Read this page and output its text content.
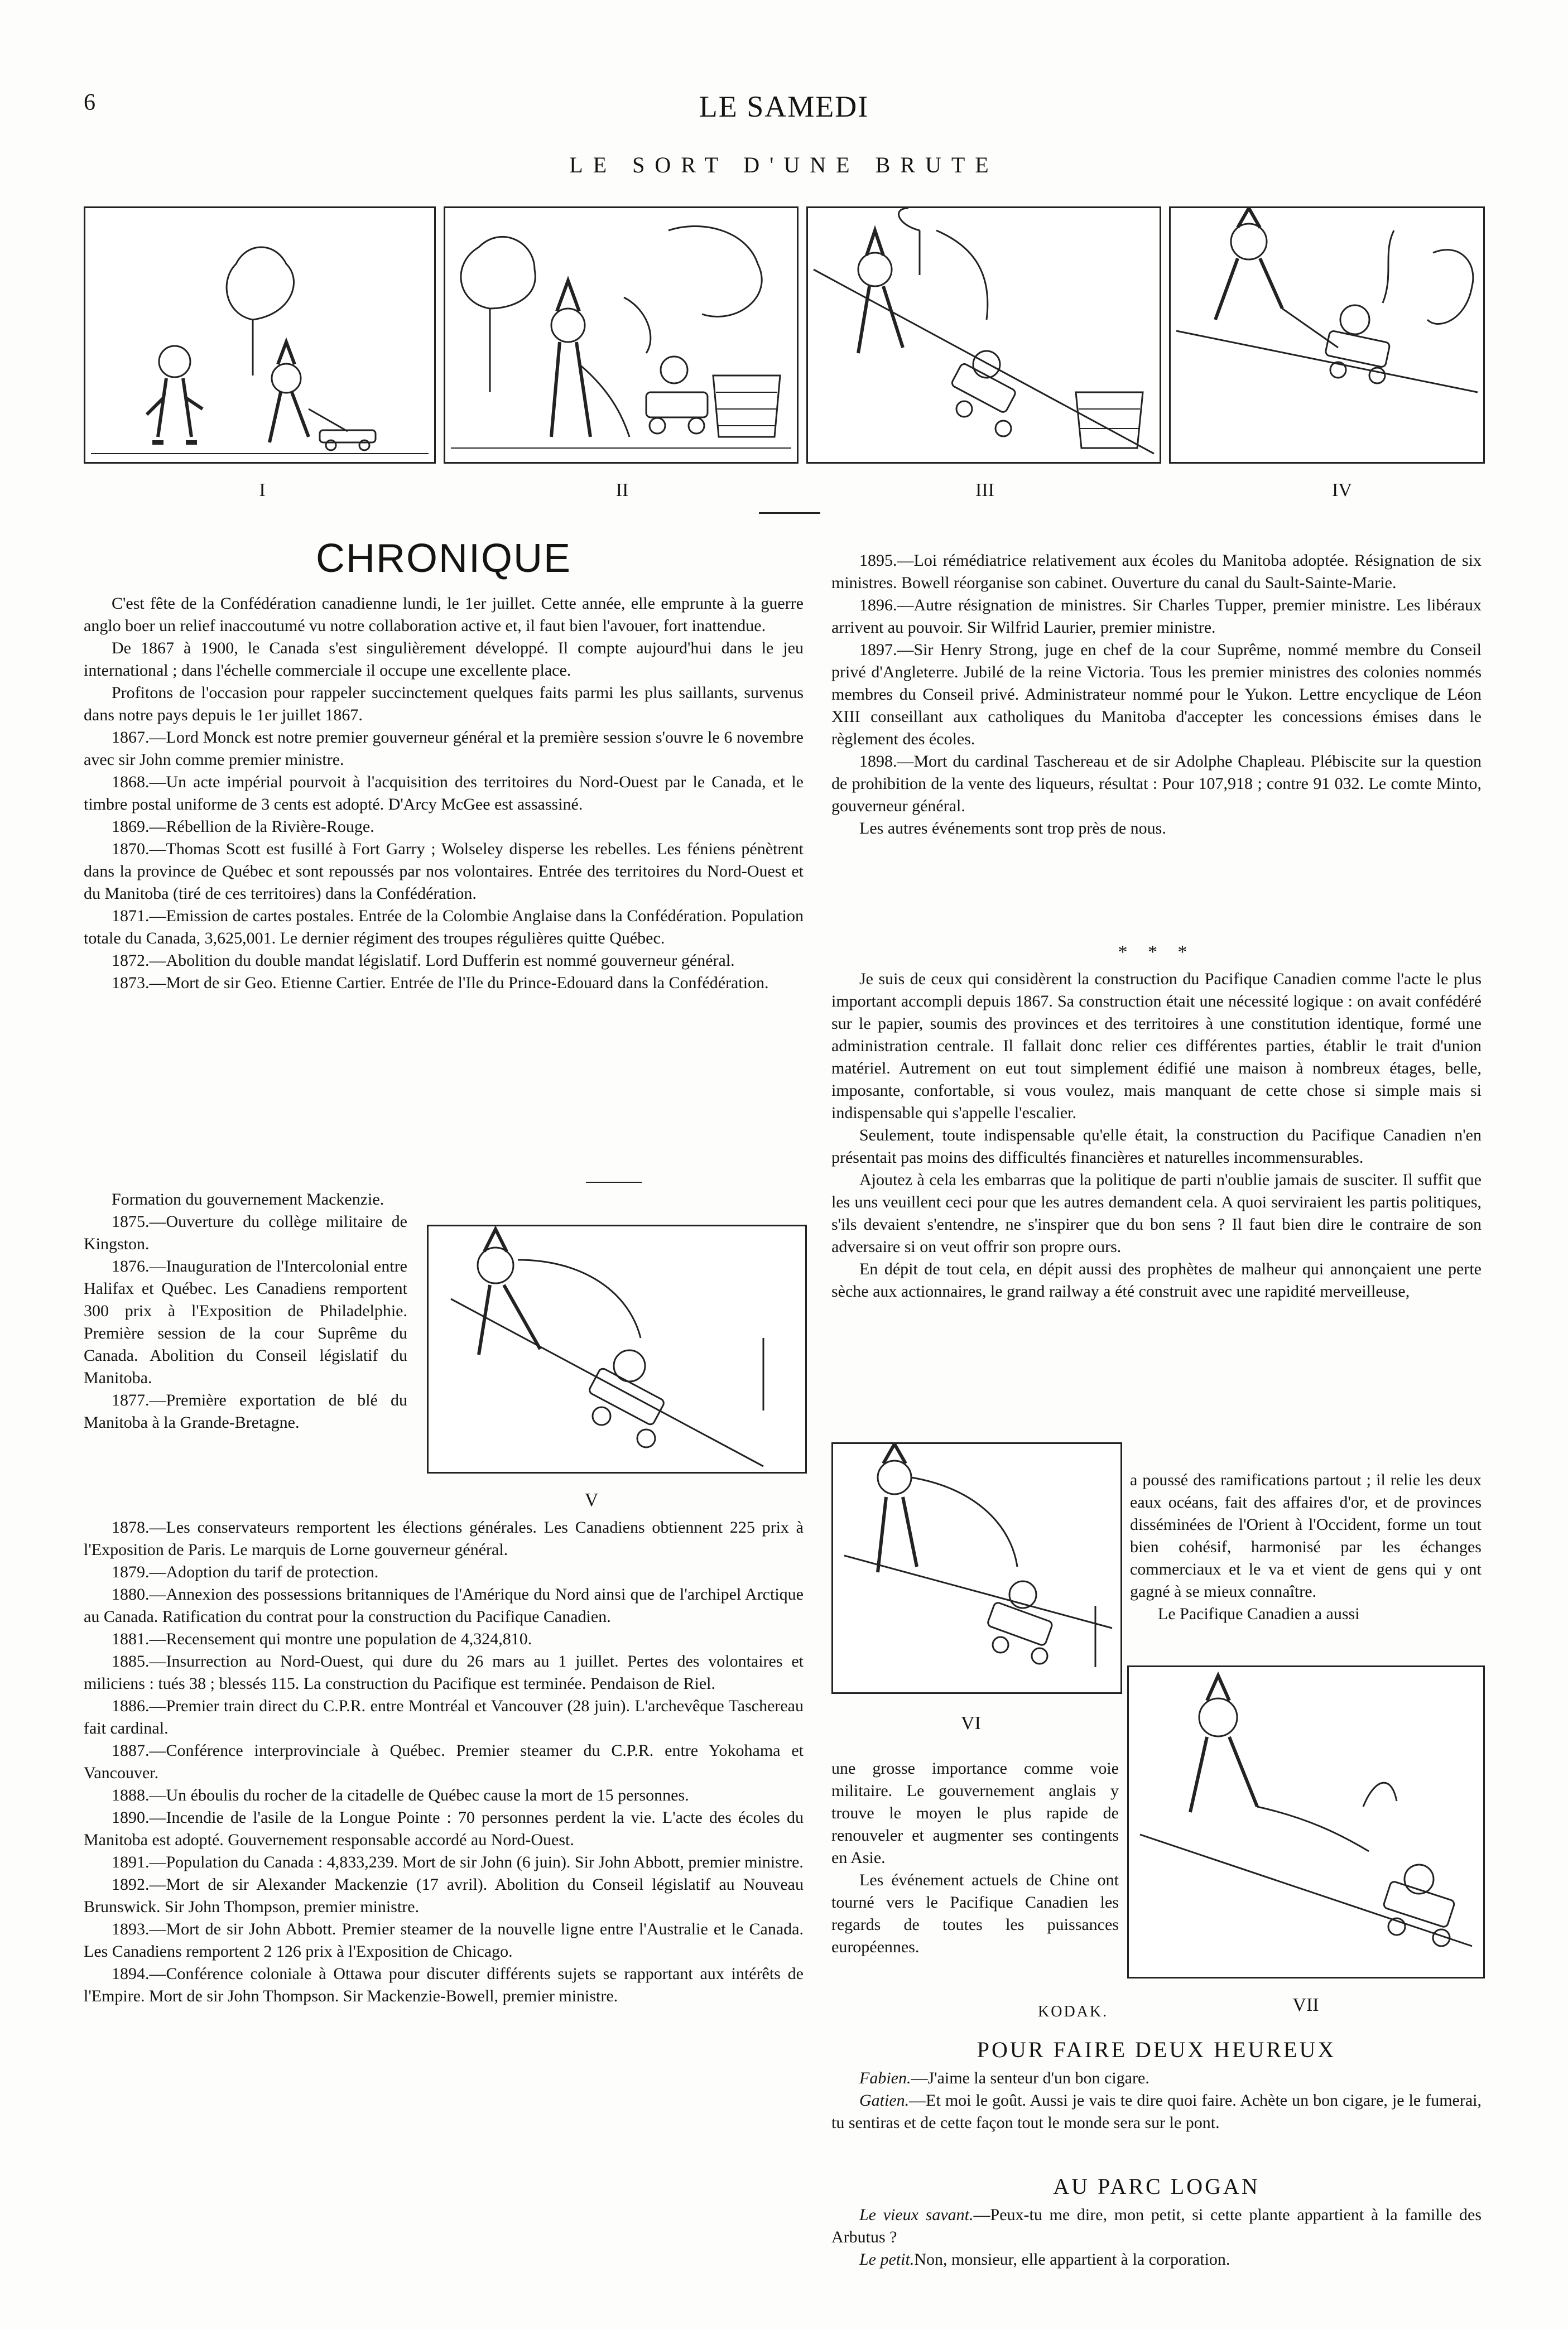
6	LE SAMEDI
LE SORT D'UNE BRUTE
I	II	III	IV
CHRONIQUE

C'est fête de la Confédération canadienne lundi, le 1er juillet. Cette année, elle emprunte à la guerre anglo boer un relief inaccoutumé vu notre collaboration active et, il faut bien l'avouer, fort inattendue.

De 1867 à 1900, le Canada s'est singulièrement développé. Il compte aujourd'hui dans le jeu international ; dans l'échelle commerciale il occupe une excellente place.

Profitons de l'occasion pour rappeler succinctement quelques faits parmi les plus saillants, survenus dans notre pays depuis le 1er juillet 1867.

1867.—Lord Monck est notre premier gouverneur général et la première session s'ouvre le 6 novembre avec sir John comme premier ministre.

1868.—Un acte impérial pourvoit à l'acquisition des territoires du Nord-Ouest par le Canada, et le timbre postal uniforme de 3 cents est adopté. D'Arcy McGee est assassiné.

1869.—Rébellion de la Rivière-Rouge.

1870.—Thomas Scott est fusillé à Fort Garry ; Wolseley disperse les rebelles. Les féniens pénètrent dans la province de Québec et sont repoussés par nos volontaires. Entrée des territoires du Nord-Ouest et du Manitoba (tiré de ces territoires) dans la Confédération.

1871.—Emission de cartes postales. Entrée de la Colombie Anglaise dans la Confédération. Population totale du Canada, 3,625,001. Le dernier régiment des troupes régulières quitte Québec.

1872.—Abolition du double mandat législatif. Lord Dufferin est nommé gouverneur général.

1873.—Mort de sir Geo. Etienne Cartier. Entrée de l'Ile du Prince-Edouard dans la Confédération.

Formation du gouvernement Mackenzie.

1875.—Ouverture du collège militaire de Kingston.

1876.—Inauguration de l'Intercolonial entre Halifax et Québec. Les Canadiens remportent 300 prix à l'Exposition de Philadelphie. Première session de la cour Suprême du Canada. Abolition du Conseil législatif du Manitoba.

1877.—Première exportation de blé du Manitoba à la Grande-Bretagne.

V

1878.—Les conservateurs remportent les élections générales. Les Canadiens obtiennent 225 prix à l'Exposition de Paris. Le marquis de Lorne gouverneur général.

1879.—Adoption du tarif de protection.

1880.—Annexion des possessions britanniques de l'Amérique du Nord ainsi que de l'archipel Arctique au Canada. Ratification du contrat pour la construction du Pacifique Canadien.

1881.—Recensement qui montre une population de 4,324,810.

1885.—Insurrection au Nord-Ouest, qui dure du 26 mars au 1 juillet. Pertes des volontaires et miliciens : tués 38 ; blessés 115. La construction du Pacifique est terminée. Pendaison de Riel.

1886.—Premier train direct du C.P.R. entre Montréal et Vancouver (28 juin). L'archevêque Taschereau fait cardinal.

1887.—Conférence interprovinciale à Québec. Premier steamer du C.P.R. entre Yokohama et Vancouver.

1888.—Un éboulis du rocher de la citadelle de Québec cause la mort de 15 personnes.

1890.—Incendie de l'asile de la Longue Pointe : 70 personnes perdent la vie. L'acte des écoles du Manitoba est adopté. Gouvernement responsable accordé au Nord-Ouest.

1891.—Population du Canada : 4,833,239. Mort de sir John (6 juin). Sir John Abbott, premier ministre.

1892.—Mort de sir Alexander Mackenzie (17 avril). Abolition du Conseil législatif au Nouveau Brunswick. Sir John Thompson, premier ministre.

1893.—Mort de sir John Abbott. Premier steamer de la nouvelle ligne entre l'Australie et le Canada. Les Canadiens remportent 2 126 prix à l'Exposition de Chicago.

1894.—Conférence coloniale à Ottawa pour discuter différents sujets se rapportant aux intérêts de l'Empire. Mort de sir John Thompson. Sir Mackenzie-Bowell, premier ministre.

1895.—Loi rémédiatrice relativement aux écoles du Manitoba adoptée. Résignation de six ministres. Bowell réorganise son cabinet. Ouverture du canal du Sault-Sainte-Marie.

1896.—Autre résignation de ministres. Sir Charles Tupper, premier ministre. Les libéraux arrivent au pouvoir. Sir Wilfrid Laurier, premier ministre.

1897.—Sir Henry Strong, juge en chef de la cour Suprême, nommé membre du Conseil privé d'Angleterre. Jubilé de la reine Victoria. Tous les premier ministres des colonies nommés membres du Conseil privé. Administrateur nommé pour le Yukon. Lettre encyclique de Léon XIII conseillant aux catholiques du Manitoba d'accepter les concessions émises dans le règlement des écoles.

1898.—Mort du cardinal Taschereau et de sir Adolphe Chapleau. Plébiscite sur la question de prohibition de la vente des liqueurs, résultat : Pour 107,918 ; contre 91 032. Le comte Minto, gouverneur général.

Les autres événements sont trop près de nous.

* * *

Je suis de ceux qui considèrent la construction du Pacifique Canadien comme l'acte le plus important accompli depuis 1867. Sa construction était une nécessité logique : on avait confédéré sur le papier, soumis des provinces et des territoires à une constitution identique, formé une administration centrale. Il fallait donc relier ces différentes parties, établir le trait d'union matériel. Autrement on eut tout simplement édifié une maison à nombreux étages, belle, imposante, confortable, si vous voulez, mais manquant de cette chose si simple mais si indispensable qui s'appelle l'escalier.

Seulement, toute indispensable qu'elle était, la construction du Pacifique Canadien n'en présentait pas moins des difficultés financières et naturelles incommensurables.

Ajoutez à cela les embarras que la politique de parti n'oublie jamais de susciter. Il suffit que les uns veuillent ceci pour que les autres demandent cela. A quoi serviraient les partis politiques, s'ils devaient s'entendre, ne s'inspirer que du bon sens ? Il faut bien dire le contraire de son adversaire si on veut offrir son propre ours.

En dépit de tout cela, en dépit aussi des prophètes de malheur qui annonçaient une perte sèche aux actionnaires, le grand railway a été construit avec une rapidité merveilleuse,

VI

a poussé des ramifications partout ; il relie les deux eaux océans, fait des affaires d'or, et de provinces disséminées de l'Orient à l'Occident, forme un tout bien cohésif, harmonisé par les échanges commerciaux et le va et vient de gens qui y ont gagné à se mieux connaître.

Le Pacifique Canadien a aussi

VII

une grosse importance comme voie militaire. Le gouvernement anglais y trouve le moyen le plus rapide de renouveler et augmenter ses contingents en Asie.

Les événement actuels de Chine ont tourné vers le Pacifique Canadien les regards de toutes les puissances européennes.

KODAK.
POUR FAIRE DEUX HEUREUX

Fabien.—J'aime la senteur d'un bon cigare.

Gatien.—Et moi le goût. Aussi je vais te dire quoi faire. Achète un bon cigare, je le fumerai, tu sentiras et de cette façon tout le monde sera sur le pont.

AU PARC LOGAN

Le vieux savant.—Peux-tu me dire, mon petit, si cette plante appartient à la famille des Arbutus ?

Le petit.Non, monsieur, elle appartient à la corporation.
